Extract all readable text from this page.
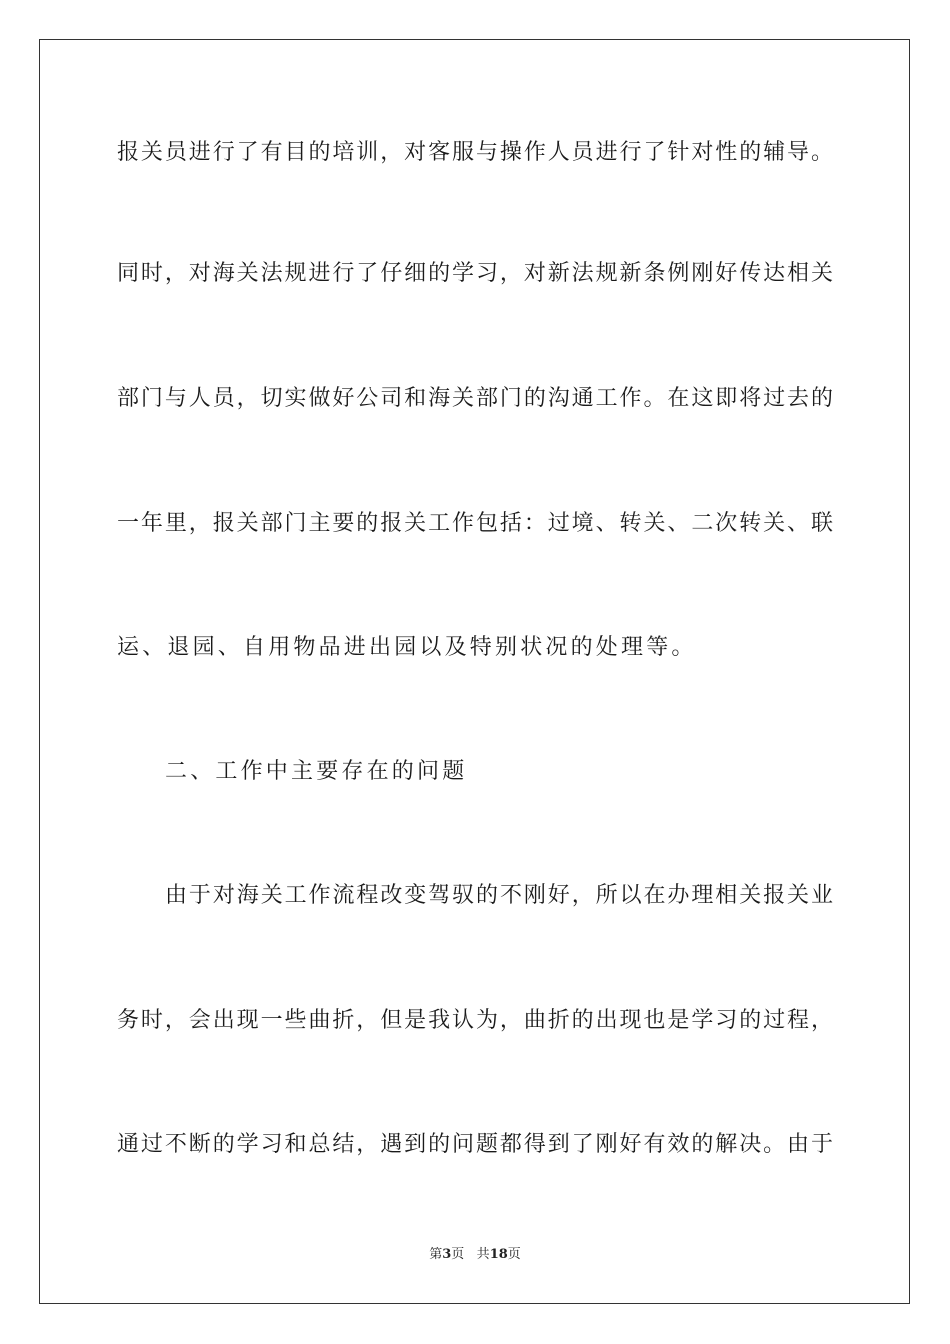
报关员进行了有目的培训，对客服与操作人员进行了针对性的辅导。
同时，对海关法规进行了仔细的学习，对新法规新条例刚好传达相关
部门与人员，切实做好公司和海关部门的沟通工作。在这即将过去的
一年里，报关部门主要的报关工作包括：过境、转关、二次转关、联
运、退园、自用物品进出园以及特别状况的处理等。
二、工作中主要存在的问题
由于对海关工作流程改变驾驭的不刚好，所以在办理相关报关业
务时，会出现一些曲折，但是我认为，曲折的出现也是学习的过程，
通过不断的学习和总结，遇到的问题都得到了刚好有效的解决。由于
第3页 共18页
